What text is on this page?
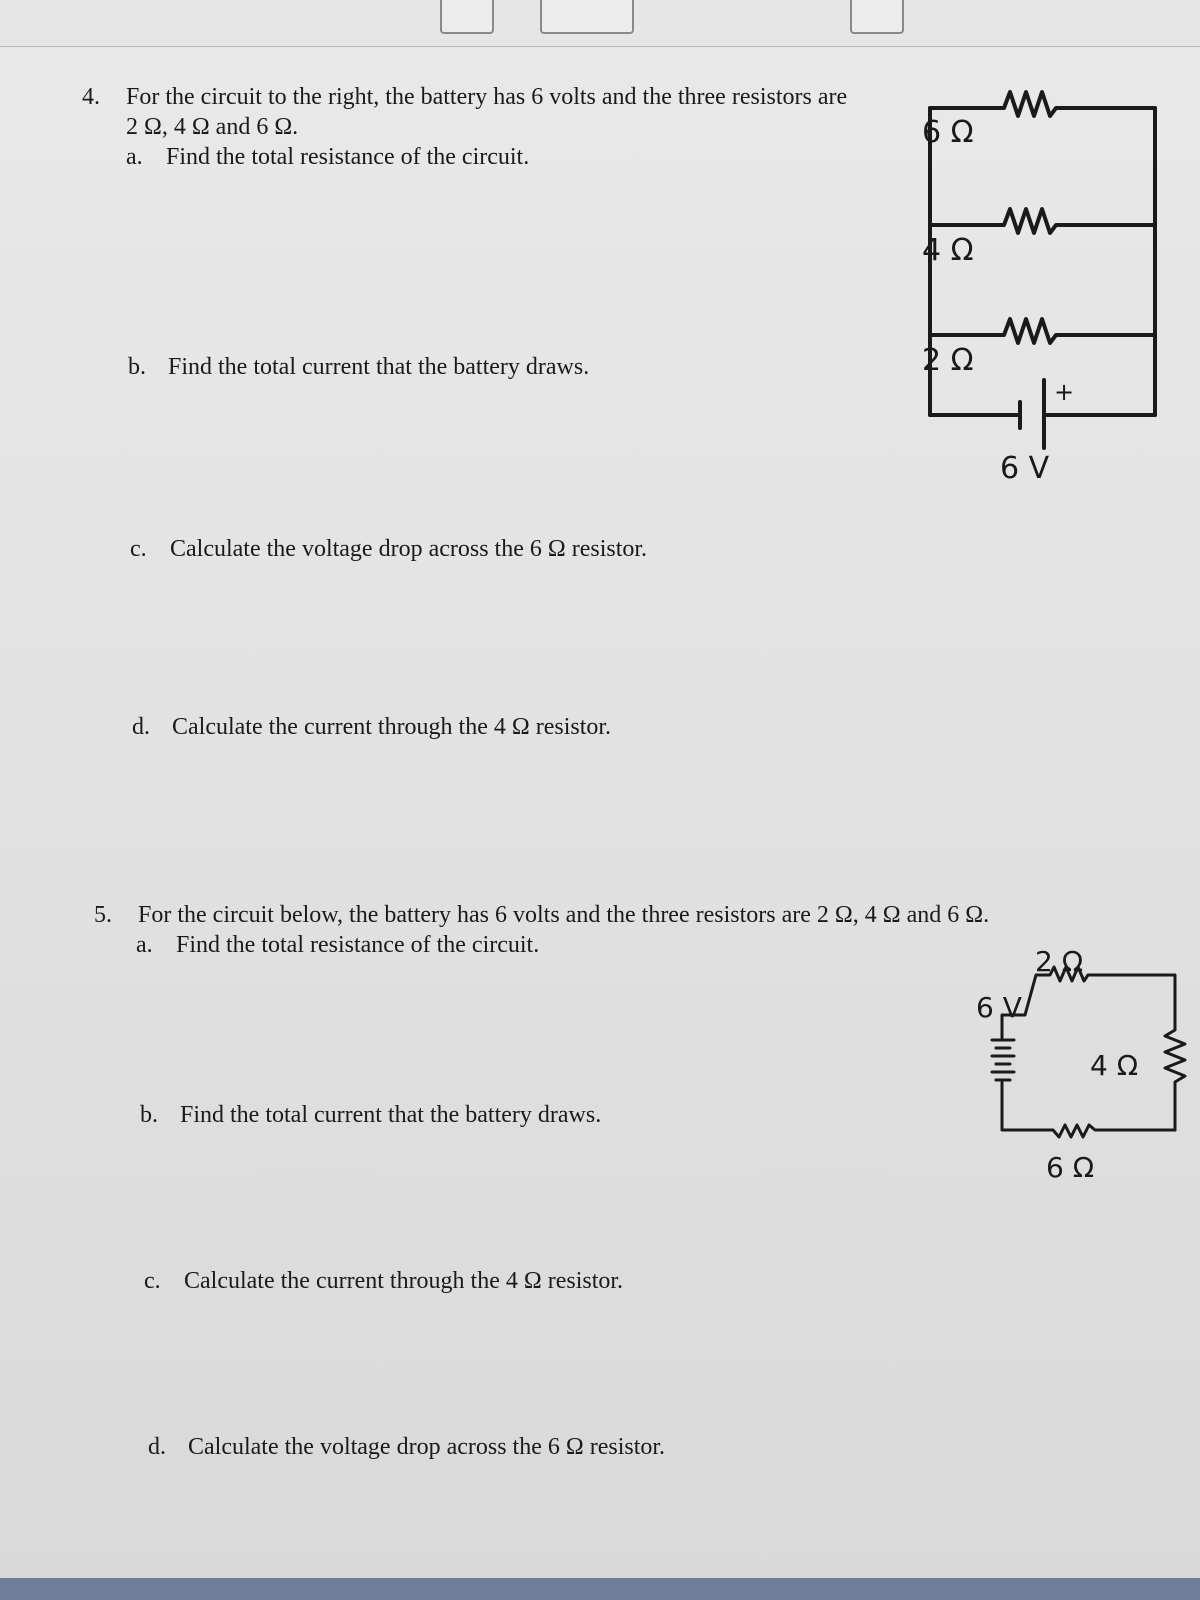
4. For the circuit to the right, the battery has 6 volts and the three resistors are
2 Ω, 4 Ω and 6 Ω.
a. Find the total resistance of the circuit.
b. Find the total current that the battery draws.
c. Calculate the voltage drop across the 6 Ω resistor.
d. Calculate the current through the 4 Ω resistor.
6 Ω
4 Ω
2 Ω
+
6 V
5. For the circuit below, the battery has 6 volts and the three resistors are 2 Ω, 4 Ω and 6 Ω.
a. Find the total resistance of the circuit.
b. Find the total current that the battery draws.
c. Calculate the current through the 4 Ω resistor.
d. Calculate the voltage drop across the 6 Ω resistor.
2 Ω
4 Ω
6 Ω
6 V
